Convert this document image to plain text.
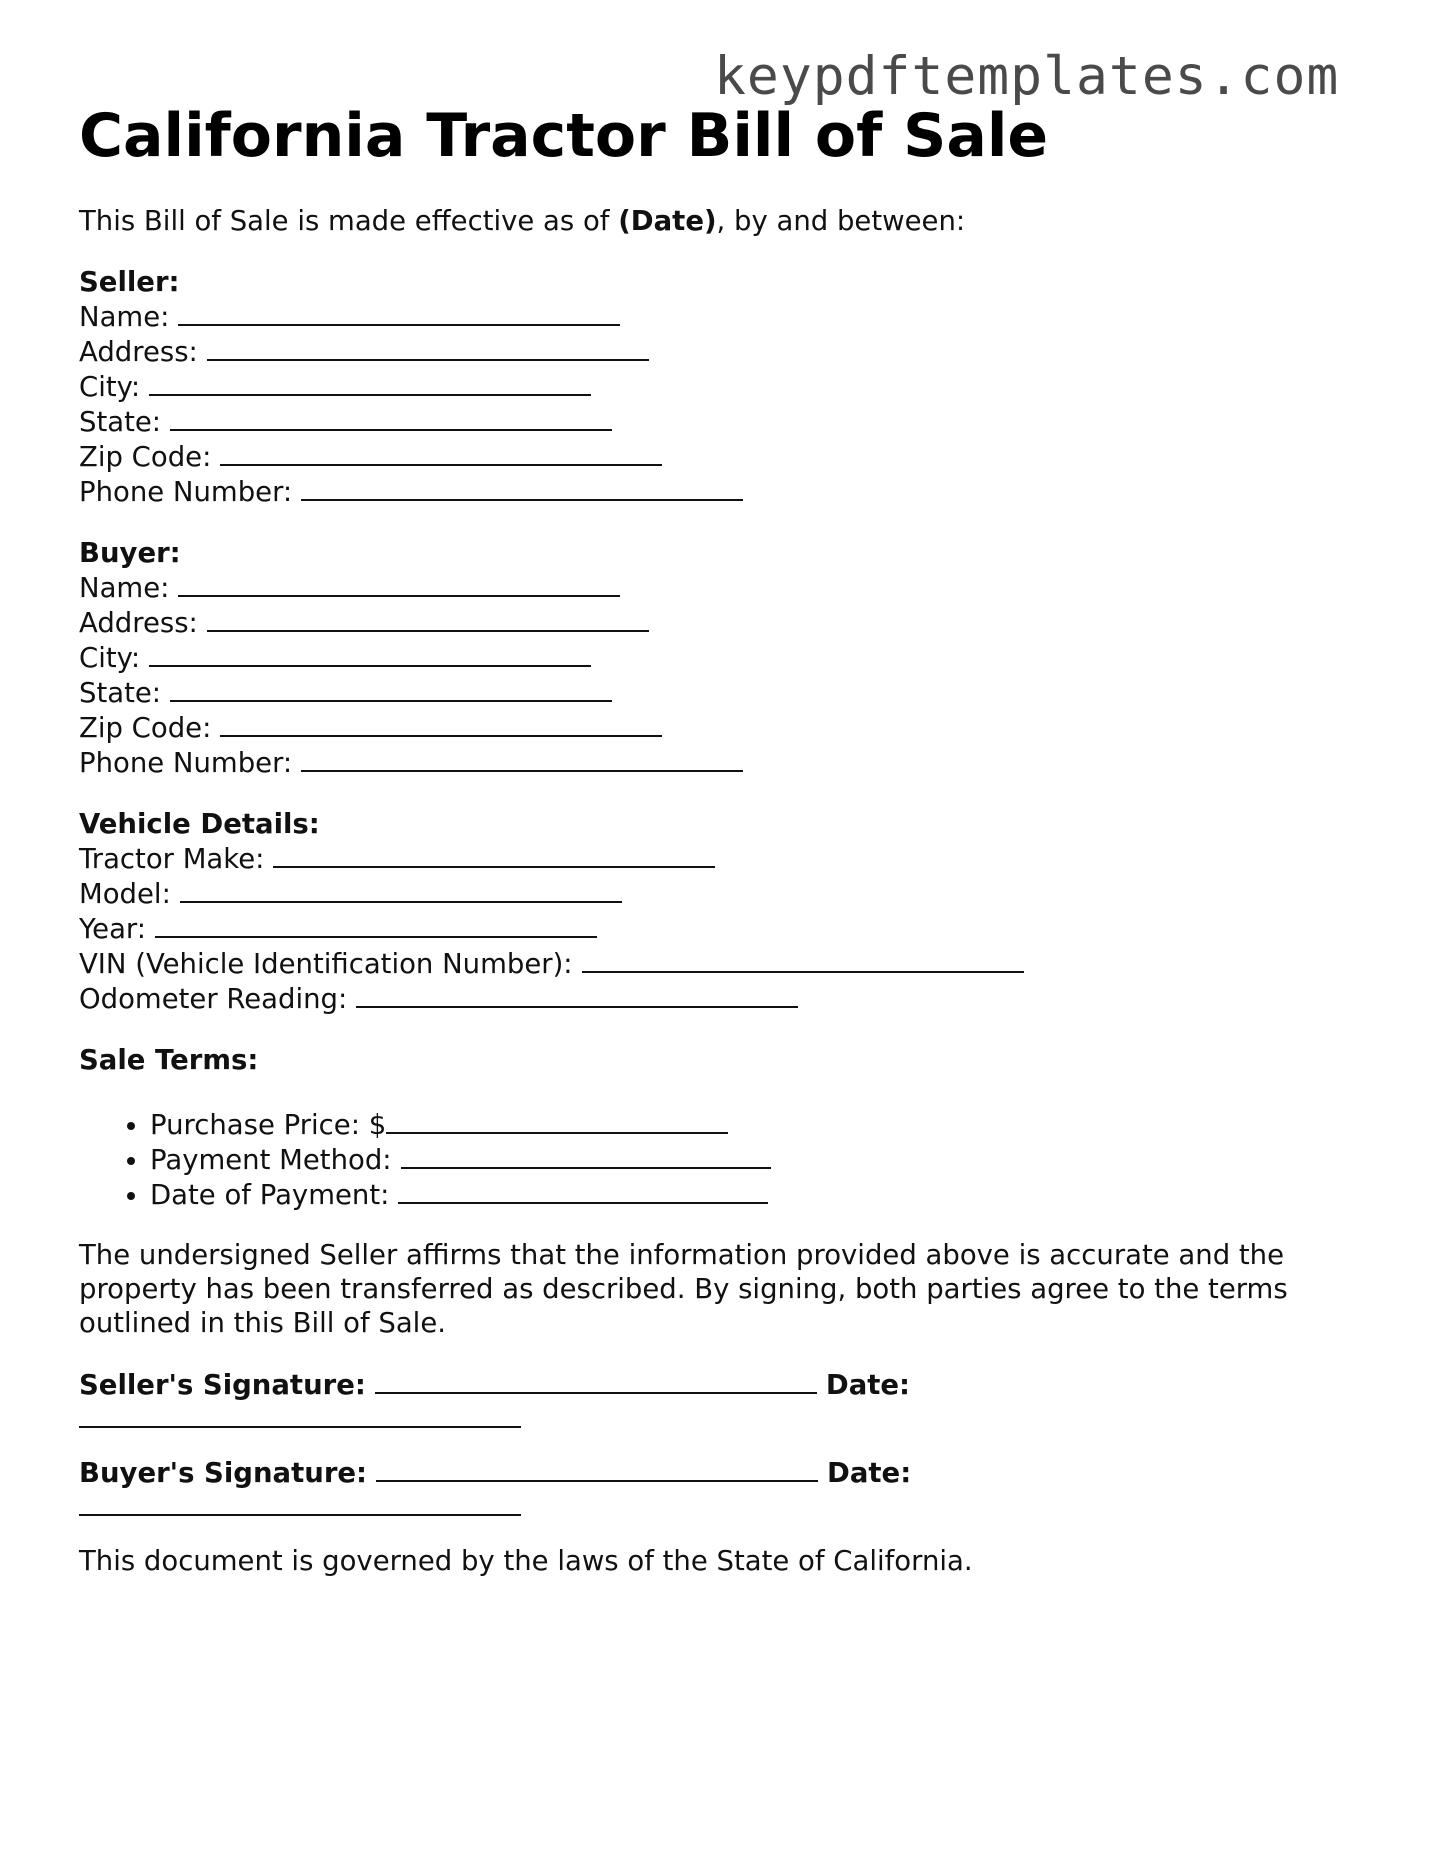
keypdftemplates.com
California Tractor Bill of Sale
This Bill of Sale is made effective as of (Date), by and between:
Seller:
Name:
Address:
City:
State:
Zip Code:
Phone Number:
Buyer:
Name:
Address:
City:
State:
Zip Code:
Phone Number:
Vehicle Details:
Tractor Make:
Model:
Year:
VIN (Vehicle Identification Number):
Odometer Reading:
Sale Terms:
• Purchase Price: $
• Payment Method:
• Date of Payment:
The undersigned Seller affirms that the information provided above is accurate and the property has been transferred as described. By signing, both parties agree to the terms outlined in this Bill of Sale.
Seller's Signature:	Date:
Buyer's Signature:	Date:
This document is governed by the laws of the State of California.
